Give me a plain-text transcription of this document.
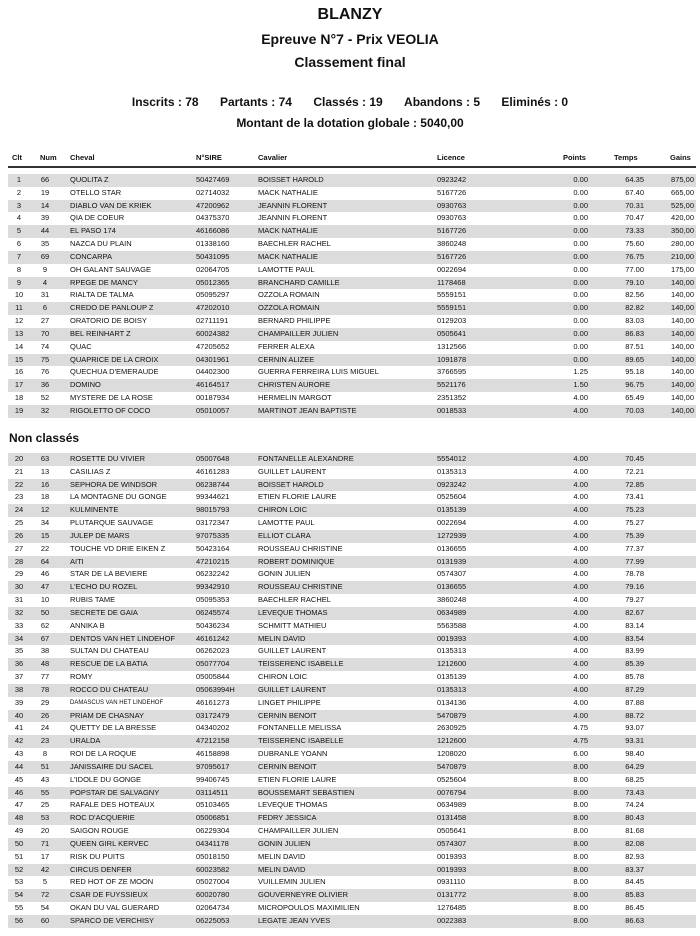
BLANZY
Epreuve N°7 - Prix VEOLIA
Classement final
Inscrits : 78 Partants : 74 Classés : 19 Abandons : 5 Eliminés : 0
Montant de la dotation globale : 5040,00
Clt Num Cheval	N°SIRE	Cavalier	Licence	Points	Temps	Gains
1	66	QUOLITA Z	50427469	BOISSET HAROLD	0923242	0.00	64.35	875,00
2	19	OTELLO STAR	02714032	MACK NATHALIE	5167726	0.00	67.40	665,00
3	14	DIABLO VAN DE KRIEK	47200962	JEANNIN FLORENT	0930763	0.00	70.31	525,00
4	39	QIA DE COEUR	04375370	JEANNIN FLORENT	0930763	0.00	70.47	420,00
5	44	EL PASO 174	46166086	MACK NATHALIE	5167726	0.00	73.33	350,00
6	35	NAZCA DU PLAIN	01338160	BAECHLER RACHEL	3860248	0.00	75.60	280,00
7	69	CONCARPA	50431095	MACK NATHALIE	5167726	0.00	76.75	210,00
8	9	OH GALANT SAUVAGE	02064705	LAMOTTE PAUL	0022694	0.00	77.00	175,00
9	4	RPEGE DE MANCY	05012365	BRANCHARD CAMILLE	1178468	0.00	79.10	140,00
10	31	RIALTA DE TALMA	05095297	OZZOLA ROMAIN	5559151	0.00	82.56	140,00
11	6	CREDO DE PANLOUP Z	47202010	OZZOLA ROMAIN	5559151	0.00	82.82	140,00
12	27	ORATORIO DE BOISY	02711191	BERNARD PHILIPPE	0129203	0.00	83.03	140,00
13	70	BEL REINHART Z	60024382	CHAMPAILLER JULIEN	0505641	0.00	86.83	140,00
14	74	QUAC	47205652	FERRER ALEXA	1312566	0.00	87.51	140,00
15	75	QUAPRICE DE LA CROIX	04301961	CERNIN ALIZEE	1091878	0.00	89.65	140,00
16	76	QUECHUA D'EMERAUDE	04402300	GUERRA FERREIRA LUIS MIGUEL	3766595	1.25	95.18	140,00
17	36	DOMINO	46164517	CHRISTEN AURORE	5521176	1.50	96.75	140,00
18	52	MYSTERE DE LA ROSE	00187934	HERMELIN MARGOT	2351352	4.00	65.49	140,00
19	32	RIGOLETTO OF COCO	05010057	MARTINOT JEAN BAPTISTE	0018533	4.00	70.03	140,00
Non classés
20	63	ROSETTE DU VIVIER	05007648	FONTANELLE ALEXANDRE	5554012	4.00	70.45
21	13	CASILIAS Z	46161283	GUILLET LAURENT	0135313	4.00	72.21
22	16	SEPHORA DE WINDSOR	06238744	BOISSET HAROLD	0923242	4.00	72.85
23	18	LA MONTAGNE DU GONGE	99344621	ETIEN FLORIE LAURE	0525604	4.00	73.41
24	12	KULMINENTE	98015793	CHIRON LOIC	0135139	4.00	75.23
25	34	PLUTARQUE SAUVAGE	03172347	LAMOTTE PAUL	0022694	4.00	75.27
26	15	JULEP DE MARS	97075335	ELLIOT CLARA	1272939	4.00	75.39
27	22	TOUCHE VD DRIE EIKEN Z	50423164	ROUSSEAU CHRISTINE	0136655	4.00	77.37
28	64	AITI	47210215	ROBERT DOMINIQUE	0131939	4.00	77.99
29	46	STAR DE LA BEVIERE	06232242	GONIN JULIEN	0574307	4.00	78.78
30	47	L'ECHO DU ROZEL	99342910	ROUSSEAU CHRISTINE	0136655	4.00	79.16
31	10	RUBIS TAME	05095353	BAECHLER RACHEL	3860248	4.00	79.27
32	50	SECRETE DE GAIA	06245574	LEVEQUE THOMAS	0634989	4.00	82.67
33	62	ANNIKA B	50436234	SCHMITT MATHIEU	5563588	4.00	83.14
34	67	DENTOS VAN HET LINDEHOF	46161242	MELIN DAVID	0019393	4.00	83.54
35	38	SULTAN DU CHATEAU	06262023	GUILLET LAURENT	0135313	4.00	83.99
36	48	RESCUE DE LA BATIA	05077704	TEISSERENC ISABELLE	1212600	4.00	85.39
37	77	ROMY	05005844	CHIRON LOIC	0135139	4.00	85.78
38	78	ROCCO DU CHATEAU	05063994H	GUILLET LAURENT	0135313	4.00	87.29
39	29	DAMASCUS VAN HET LINDEHOF	46161273	LINGET PHILIPPE	0134136	4.00	87.88
40	26	PRIAM DE CHASNAY	03172479	CERNIN BENOIT	5470879	4.00	88.72
41	24	QUETTY DE LA BRESSE	04340202	FONTANELLE MELISSA	2630925	4.75	93.07
42	23	URALDA	47212158	TEISSERENC ISABELLE	1212600	4.75	93.31
43	8	ROI DE LA ROQUE	46158898	DUBRANLE YOANN	1208020	6.00	98.40
44	51	JANISSAIRE DU SACEL	97095617	CERNIN BENOIT	5470879	8.00	64.29
45	43	L'IDOLE DU GONGE	99406745	ETIEN FLORIE LAURE	0525604	8.00	68.25
46	55	POPSTAR DE SALVAGNY	03114511	BOUSSEMART SEBASTIEN	0076794	8.00	73.43
47	25	RAFALE DES HOTEAUX	05103465	LEVEQUE THOMAS	0634989	8.00	74.24
48	53	ROC D'ACQUERIE	05006851	FEDRY JESSICA	0131458	8.00	80.43
49	20	SAIGON ROUGE	06229304	CHAMPAILLER JULIEN	0505641	8.00	81.68
50	71	QUEEN GIRL KERVEC	04341178	GONIN JULIEN	0574307	8.00	82.08
51	17	RISK DU PUITS	05018150	MELIN DAVID	0019393	8.00	82.93
52	42	CIRCUS DENFER	60023582	MELIN DAVID	0019393	8.00	83.37
53	5	RED HOT OF ZE MOON	05027004	VUILLEMIN JULIEN	0931110	8.00	84.45
54	72	CSAR DE FUYSSIEUX	60020780	GOUVERNEYRE OLIVIER	0131772	8.00	85.83
55	54	OKAN DU VAL GUERARD	02064734	MICROPOULOS MAXIMILIEN	1276485	8.00	86.45
56	60	SPARCO DE VERCHISY	06225053	LEGATE JEAN YVES	0022383	8.00	86.63
